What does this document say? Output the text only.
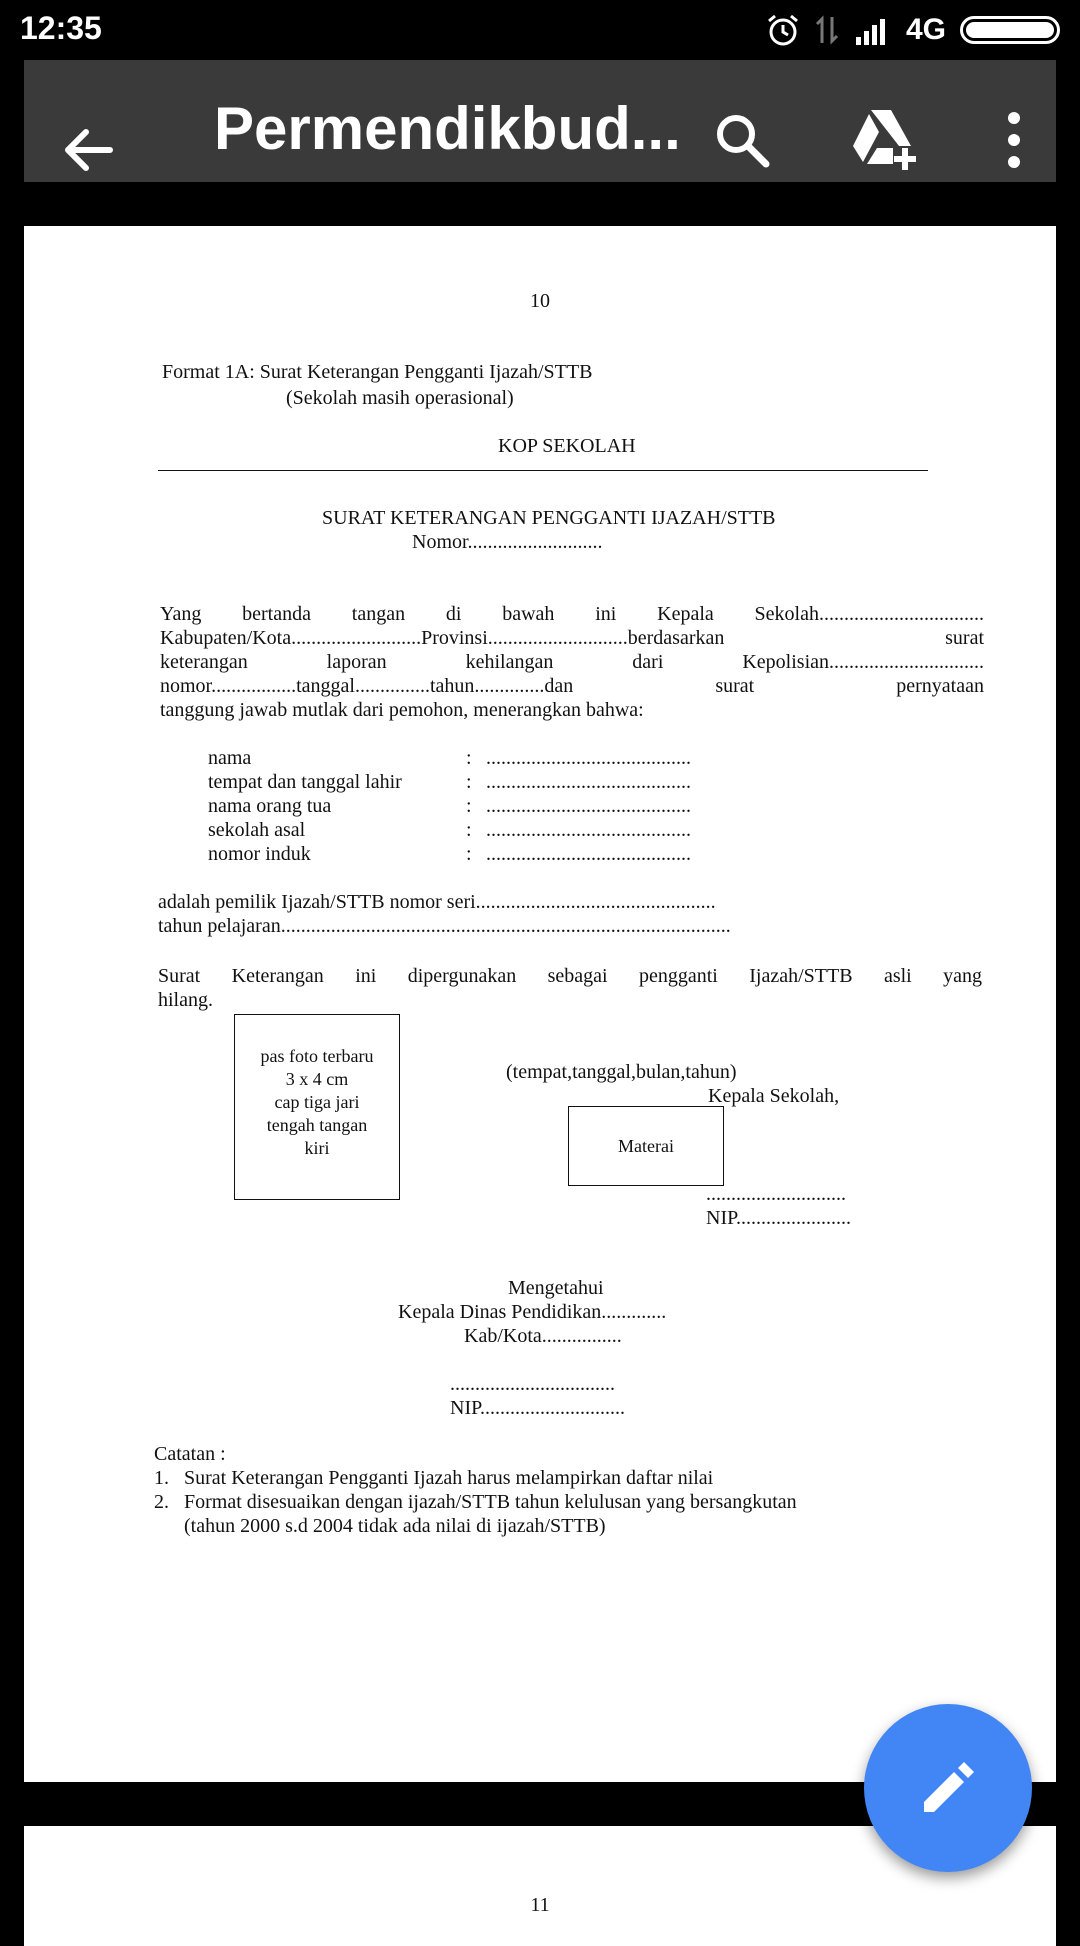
12:35	4G
Permendikbud...
10
Format 1A: Surat Keterangan Pengganti Ijazah/STTB
(Sekolah masih operasional)
KOP SEKOLAH
SURAT KETERANGAN PENGGANTI IJAZAH/STTB
Nomor...........................
Yang bertanda tangan di bawah ini Kepala Sekolah.................................
Kabupaten/Kota..........................Provinsi............................berdasarkan surat
keterangan laporan kehilangan dari Kepolisian...............................
nomor.................tanggal...............tahun..............dan surat pernyataan
tanggung jawab mutlak dari pemohon, menerangkan bahwa:
nama	: .........................................
tempat dan tanggal lahir	: .........................................
nama orang tua	: .........................................
sekolah asal	: .........................................
nomor induk	: .........................................
adalah pemilik Ijazah/STTB nomor seri................................................
tahun pelajaran..........................................................................................
Surat Keterangan ini dipergunakan sebagai pengganti Ijazah/STTB asli yang
hilang.
pas foto terbaru
3 x 4 cm
cap tiga jari
tengah tangan
kiri
(tempat,tanggal,bulan,tahun)
Kepala Sekolah,
Materai
............................
NIP.......................
Mengetahui
Kepala Dinas Pendidikan.............
Kab/Kota................
.................................
NIP.............................
Catatan :
1. Surat Keterangan Pengganti Ijazah harus melampirkan daftar nilai
2. Format disesuaikan dengan ijazah/STTB tahun kelulusan yang bersangkutan
(tahun 2000 s.d 2004 tidak ada nilai di ijazah/STTB)
11
